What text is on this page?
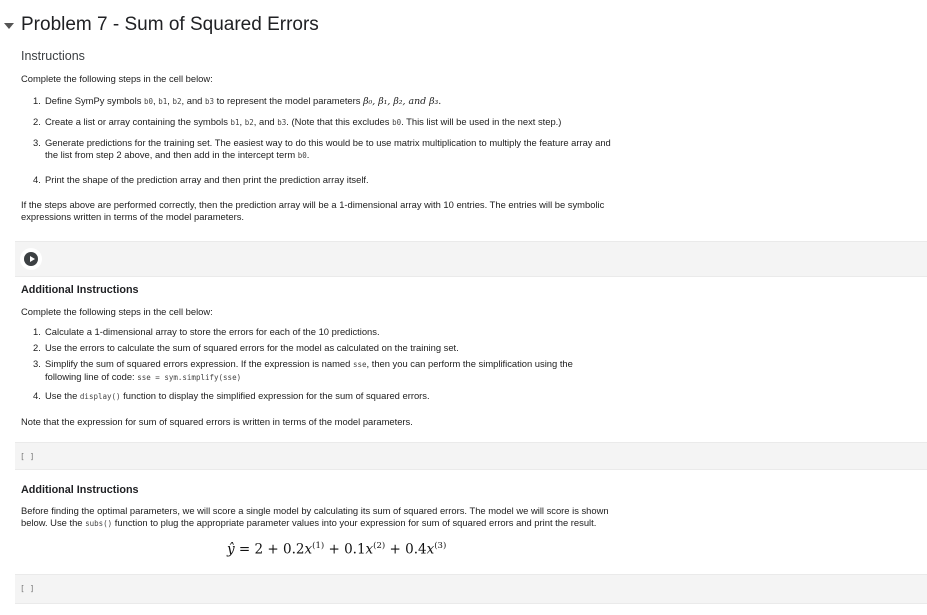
Problem 7 - Sum of Squared Errors
Instructions
Complete the following steps in the cell below:
1. Define SymPy symbols b0, b1, b2, and b3 to represent the model parameters β₀, β₁, β₂, and β₃.
2. Create a list or array containing the symbols b1, b2, and b3. (Note that this excludes b0. This list will be used in the next step.)
3. Generate predictions for the training set. The easiest way to do this would be to use matrix multiplication to multiply the feature array and
the list from step 2 above, and then add in the intercept term b0.
4. Print the shape of the prediction array and then print the prediction array itself.
If the steps above are performed correctly, then the prediction array will be a 1-dimensional array with 10 entries. The entries will be symbolic
expressions written in terms of the model parameters.
Additional Instructions
Complete the following steps in the cell below:
1. Calculate a 1-dimensional array to store the errors for each of the 10 predictions.
2. Use the errors to calculate the sum of squared errors for the model as calculated on the training set.
3. Simplify the sum of squared errors expression. If the expression is named sse, then you can perform the simplification using the
following line of code: sse = sym.simplify(sse)
4. Use the display() function to display the simplified expression for the sum of squared errors.
Note that the expression for sum of squared errors is written in terms of the model parameters.
[ ]
Additional Instructions
Before finding the optimal parameters, we will score a single model by calculating its sum of squared errors. The model we will score is shown
below. Use the subs() function to plug the appropriate parameter values into your expression for sum of squared errors and print the result.
ŷ = $2 + 0.2x^{(1)} + 0.1x^{(2)} + 0.4x^{(3)}$
[ ]
